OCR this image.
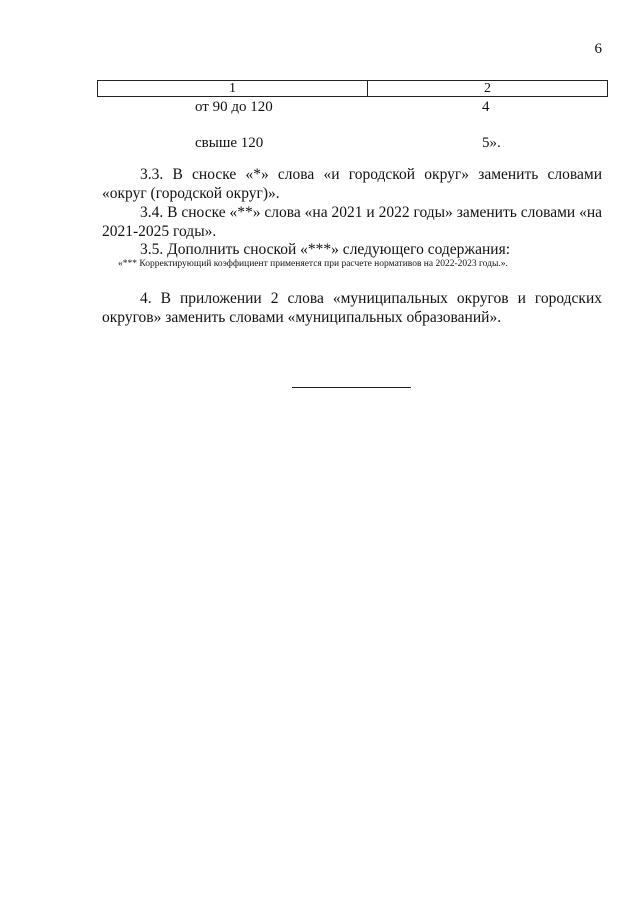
6
1	2
от 90 до 120	4
свыше 120	5».

3.3. В сноске «*» слова «и городской округ» заменить словами «округ (городской округ)».

3.4. В сноске «**» слова «на 2021 и 2022 годы» заменить словами «на 2021-2025 годы».

3.5. Дополнить сноской «***» следующего содержания:

«*** Корректирующий коэффициент применяется при расчете нормативов на 2022-2023 годы.».

4. В приложении 2 слова «муниципальных округов и городских округов» заменить словами «муниципальных образований».
